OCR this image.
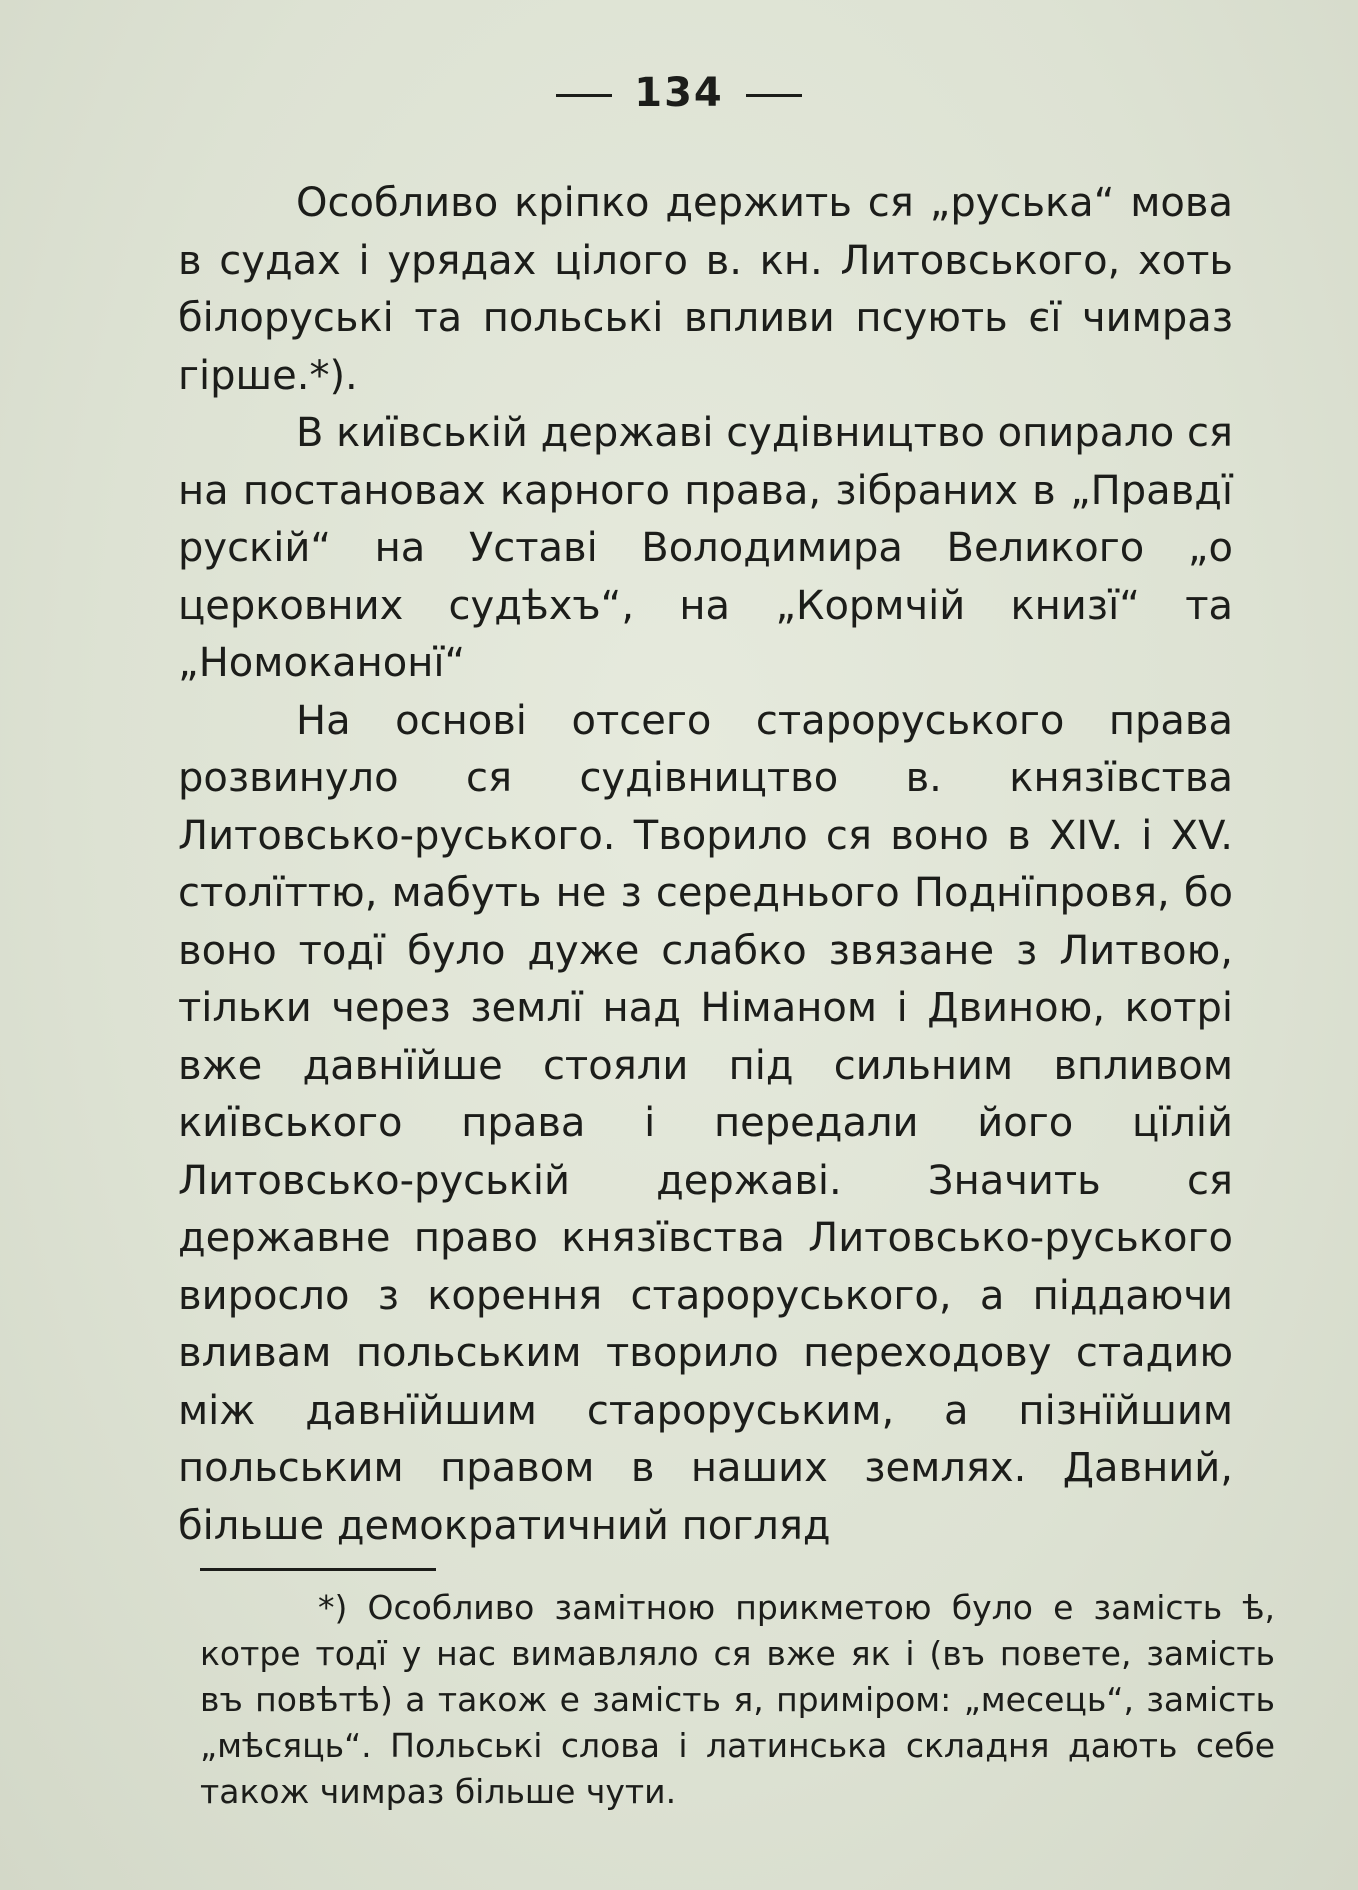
134

Особливо кріпко держить ся „руська“ мова в судах і урядах цілого в. кн. Литовського, хоть білоруські та польські впливи псують єї чимраз гірше.*).

В київській державі судівництво опирало ся на постановах карного права, зібраних в „Правдї рускій“ на Уставі Володимира Великого „о церковних судѣхъ“, на „Кормчій книзї“ та „Номоканонї“

На основі отсего староруського права розвинуло ся судівництво в. князївства Литовсько-руського. Творило ся воно в XIV. і XV. столїттю, мабуть не з середнього Поднїпровя, бо воно тодї було дуже слабко звязане з Литвою, тільки через землї над Німаном і Двиною, котрі вже давнїйше стояли під сильним впливом київського права і передали його цїлій Литовсько-руській державі. Значить ся державне право князївства Литовсько-руського виросло з корення староруського, а піддаючи вливам польським творило переходову стадию між давнїйшим староруським, а пізнїйшим польським правом в наших землях. Давний, більше демократичний погляд

*) Особливо замітною прикметою було е замість ѣ, котре тодї у нас вимавляло ся вже як і (въ повете, замість въ повѣтѣ) а також е замість я, приміром: „месець“, замість „мѣсяць“. Польські слова і латинська складня дають себе також чимраз більше чути.
